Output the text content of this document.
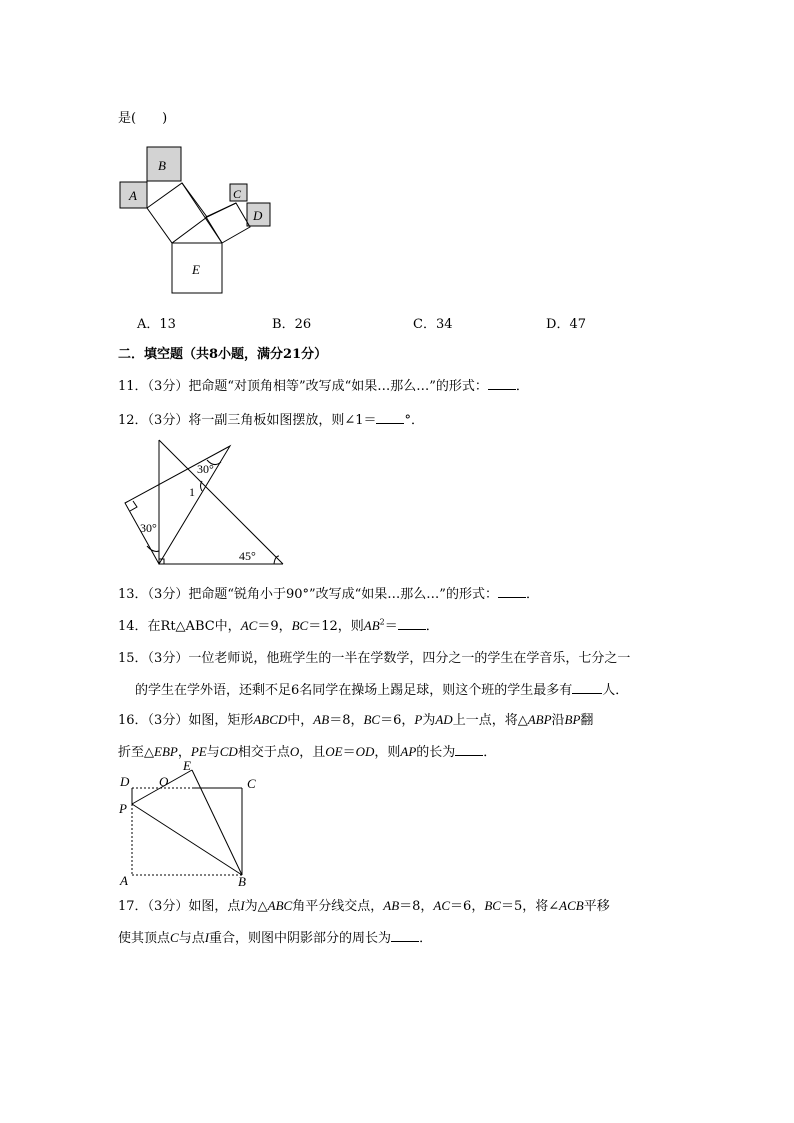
是(　　)
B
A	C
D
E
A．13	B．26	C．34	D．47
二．填空题（共8小题，满分21分）
11．（3分）把命题“对顶角相等”改写成“如果…那么…”的形式： ．
12．（3分）将一副三角板如图摆放，则∠1＝ °．
30°
1
30°
45°
13．（3分）把命题“锐角小于90°”改写成“如果…那么…”的形式： ．
14．在Rt△ABC中，AC＝9，BC＝12，则$AB^2=$ ．
15．（3分）一位老师说，他班学生的一半在学数学，四分之一的学生在学音乐，七分之一
的学生在学外语，还剩不足6名同学在操场上踢足球，则这个班的学生最多有 人．
16．（3分）如图，矩形ABCD中，AB＝8，BC＝6，P为AD上一点，将△ABP沿BP翻
折至△EBP，PE与CD相交于点O，且OE＝OD，则AP的长为 ．
D O
E
C
P
A	B
17．（3分）如图，点I为△ABC角平分线交点，AB＝8，AC＝6，BC＝5，将∠ACB平移
使其顶点C与点I重合，则图中阴影部分的周长为 ．
